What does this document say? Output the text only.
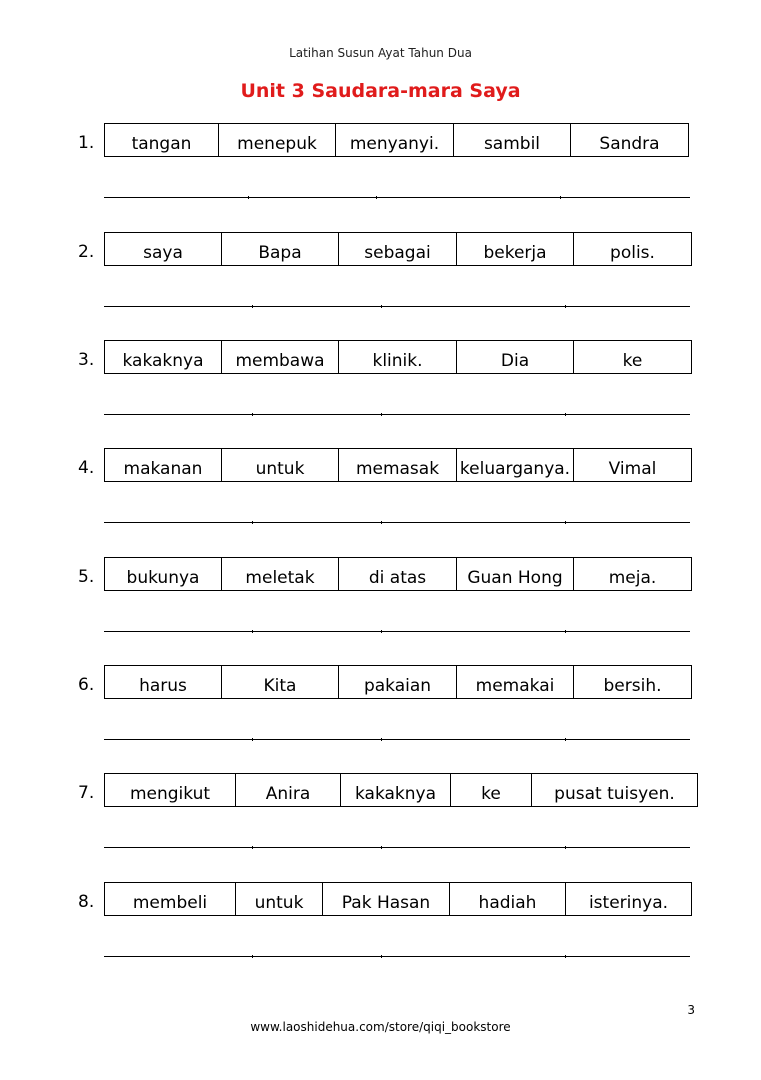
Latihan Susun Ayat Tahun Dua
Unit 3 Saudara-mara Saya
1.	tangan	menepuk	menyanyi.	sambil	Sandra
2.	saya	Bapa	sebagai	bekerja	polis.
3.	kakaknya	membawa	klinik.	Dia	ke
4.	makanan	untuk	memasak	keluarganya.	Vimal
5.	bukunya	meletak	di atas	Guan Hong	meja.
6.	harus	Kita	pakaian	memakai	bersih.
7.	mengikut	Anira	kakaknya	ke	pusat tuisyen.
8.	membeli	untuk	Pak Hasan	hadiah	isterinya.
3
www.laoshidehua.com/store/qiqi_bookstore
